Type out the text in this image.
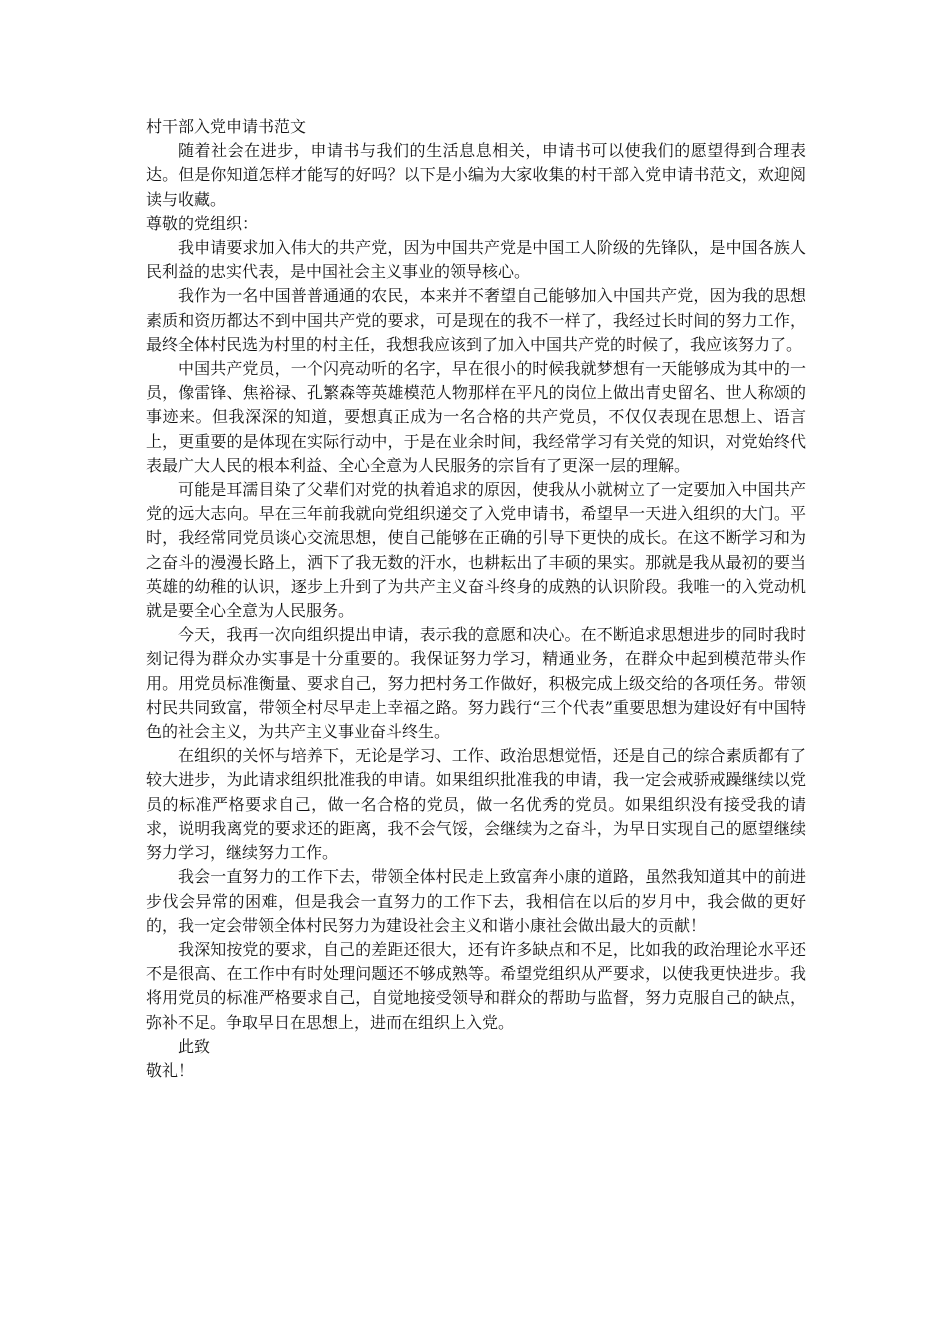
村干部入党申请书范文

随着社会在进步，申请书与我们的生活息息相关，申请书可以使我们的愿望得到合理表达。但是你知道怎样才能写的好吗？以下是小编为大家收集的村干部入党申请书范文，欢迎阅读与收藏。

尊敬的党组织：

我申请要求加入伟大的共产党，因为中国共产党是中国工人阶级的先锋队，是中国各族人民利益的忠实代表，是中国社会主义事业的领导核心。

我作为一名中国普普通通的农民，本来并不奢望自己能够加入中国共产党，因为我的思想素质和资历都达不到中国共产党的要求，可是现在的我不一样了，我经过长时间的努力工作，最终全体村民选为村里的村主任，我想我应该到了加入中国共产党的时候了，我应该努力了。

中国共产党员，一个闪亮动听的名字，早在很小的时候我就梦想有一天能够成为其中的一员，像雷锋、焦裕禄、孔繁森等英雄模范人物那样在平凡的岗位上做出青史留名、世人称颂的事迹来。但我深深的知道，要想真正成为一名合格的共产党员，不仅仅表现在思想上、语言上，更重要的是体现在实际行动中，于是在业余时间，我经常学习有关党的知识，对党始终代表最广大人民的根本利益、全心全意为人民服务的宗旨有了更深一层的理解。

可能是耳濡目染了父辈们对党的执着追求的原因，使我从小就树立了一定要加入中国共产党的远大志向。早在三年前我就向党组织递交了入党申请书，希望早一天进入组织的大门。平时，我经常同党员谈心交流思想，使自己能够在正确的引导下更快的成长。在这不断学习和为之奋斗的漫漫长路上，洒下了我无数的汗水，也耕耘出了丰硕的果实。那就是我从最初的要当英雄的幼稚的认识，逐步上升到了为共产主义奋斗终身的成熟的认识阶段。我唯一的入党动机就是要全心全意为人民服务。

今天，我再一次向组织提出申请，表示我的意愿和决心。在不断追求思想进步的同时我时刻记得为群众办实事是十分重要的。我保证努力学习，精通业务，在群众中起到模范带头作用。用党员标准衡量、要求自己，努力把村务工作做好，积极完成上级交给的各项任务。带领村民共同致富，带领全村尽早走上幸福之路。努力践行“三个代表”重要思想为建设好有中国特色的社会主义，为共产主义事业奋斗终生。

在组织的关怀与培养下，无论是学习、工作、政治思想觉悟，还是自己的综合素质都有了较大进步，为此请求组织批准我的申请。如果组织批准我的申请，我一定会戒骄戒躁继续以党员的标准严格要求自己，做一名合格的党员，做一名优秀的党员。如果组织没有接受我的请求，说明我离党的要求还的距离，我不会气馁，会继续为之奋斗，为早日实现自己的愿望继续努力学习，继续努力工作。

我会一直努力的工作下去，带领全体村民走上致富奔小康的道路，虽然我知道其中的前进步伐会异常的困难，但是我会一直努力的工作下去，我相信在以后的岁月中，我会做的更好的，我一定会带领全体村民努力为建设社会主义和谐小康社会做出最大的贡献！

我深知按党的要求，自己的差距还很大，还有许多缺点和不足，比如我的政治理论水平还不是很高、在工作中有时处理问题还不够成熟等。希望党组织从严要求，以使我更快进步。我将用党员的标准严格要求自己，自觉地接受领导和群众的帮助与监督，努力克服自己的缺点，弥补不足。争取早日在思想上，进而在组织上入党。

此致

敬礼！
